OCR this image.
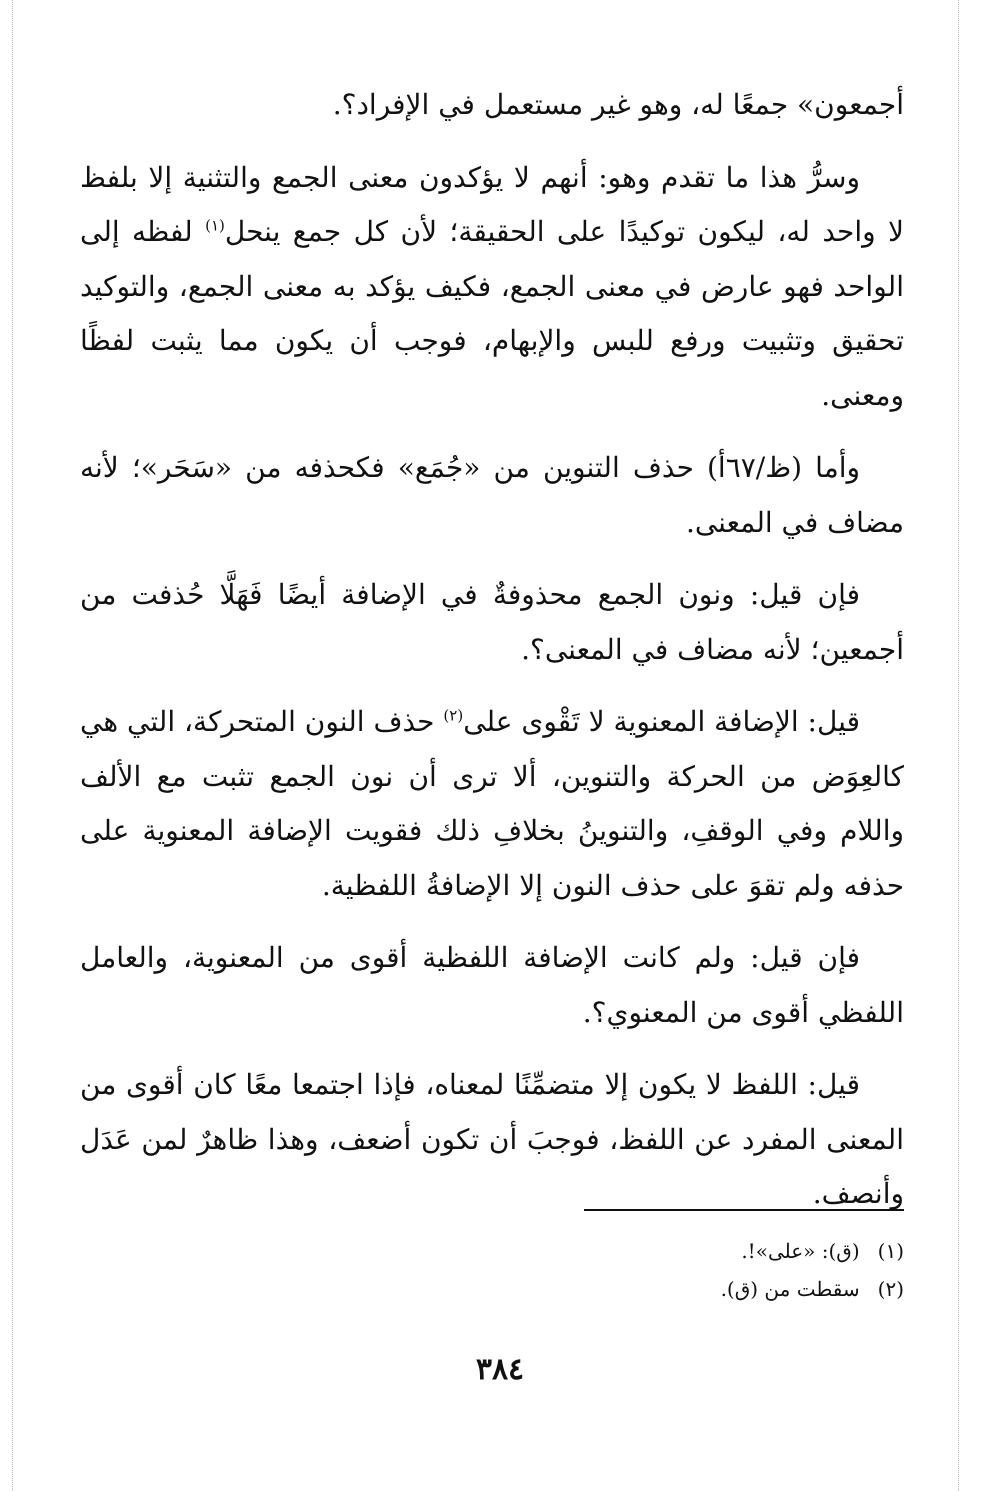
أجمعون» جمعًا له، وهو غير مستعمل في الإفراد؟.

وسرُّ هذا ما تقدم وهو: أنهم لا يؤكدون معنى الجمع والتثنية إلا بلفظ لا واحد له، ليكون توكيدًا على الحقيقة؛ لأن كل جمع ينحل$^{(١)}$ لفظه إلى الواحد فهو عارض في معنى الجمع، فكيف يؤكد به معنى الجمع، والتوكيد تحقيق وتثبيت ورفع للبس والإبهام، فوجب أن يكون مما يثبت لفظًا ومعنى.

وأما (ظ/٦٧أ) حذف التنوين من «جُمَع» فكحذفه من «سَحَر»؛ لأنه مضاف في المعنى.

فإن قيل: ونون الجمع محذوفةٌ في الإضافة أيضًا فَهَلَّا حُذفت من أجمعين؛ لأنه مضاف في المعنى؟.

قيل: الإضافة المعنوية لا تَقْوى على$^{(٢)}$ حذف النون المتحركة، التي هي كالعِوَض من الحركة والتنوين، ألا ترى أن نون الجمع تثبت مع الألف واللام وفي الوقفِ، والتنوينُ بخلافِ ذلك فقويت الإضافة المعنوية على حذفه ولم تقوَ على حذف النون إلا الإضافةُ اللفظية.

فإن قيل: ولم كانت الإضافة اللفظية أقوى من المعنوية، والعامل اللفظي أقوى من المعنوي؟.

قيل: اللفظ لا يكون إلا متضمِّنًا لمعناه، فإذا اجتمعا معًا كان أقوى من المعنى المفرد عن اللفظ، فوجبَ أن تكون أضعف، وهذا ظاهرٌ لمن عَدَل وأنصف.

(١)(ق): «على»!.
(٢)سقطت من (ق).
٣٨٤
